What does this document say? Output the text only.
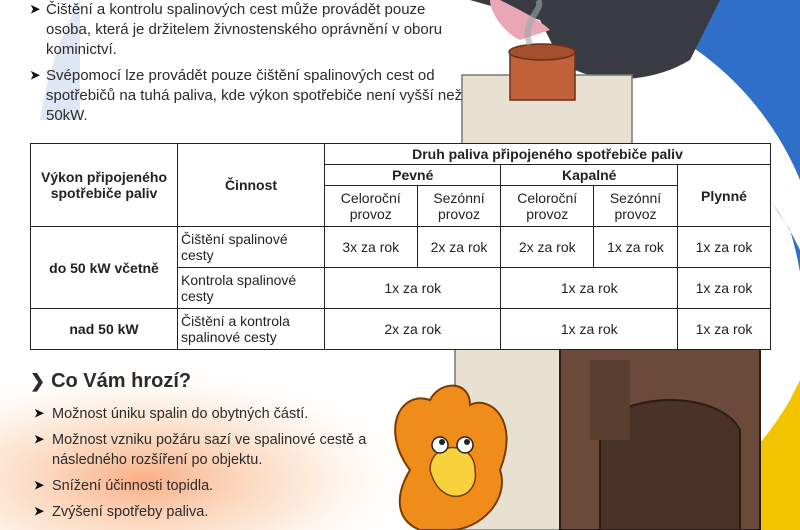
➤ Čištění a kontrolu spalinových cest může provádět pouze osoba, která je držitelem živnostenského oprávnění v oboru kominictví.
➤ Svépomocí lze provádět pouze čištění spalinových cest od spotřebičů na tuhá paliva, kde výkon spotřebiče není vyšší než 50kW.
Výkon připojeného spotřebiče paliv	Činnost	Druh paliva připojeného spotřebiče paliv				
		Pevné		Kapalné		Plynné
		Celoroční provoz	Sezónní provoz	Celoroční provoz	Sezónní provoz	
do 50 kW včetně	Čištění spalinové cesty	3x za rok	2x za rok	2x za rok	1x za rok	1x za rok
	Kontrola spalinové cesty	1x za rok		1x za rok		1x za rok
nad 50 kW	Čištění a kontrola spalinové cesty	2x za rok		1x za rok		1x za rok
❯ Co Vám hrozí?
➤ Možnost úniku spalin do obytných částí.
➤ Možnost vzniku požáru sazí ve spalinové cestě a následného rozšíření po objektu.
➤ Snížení účinnosti topidla.
➤ Zvýšení spotřeby paliva.
